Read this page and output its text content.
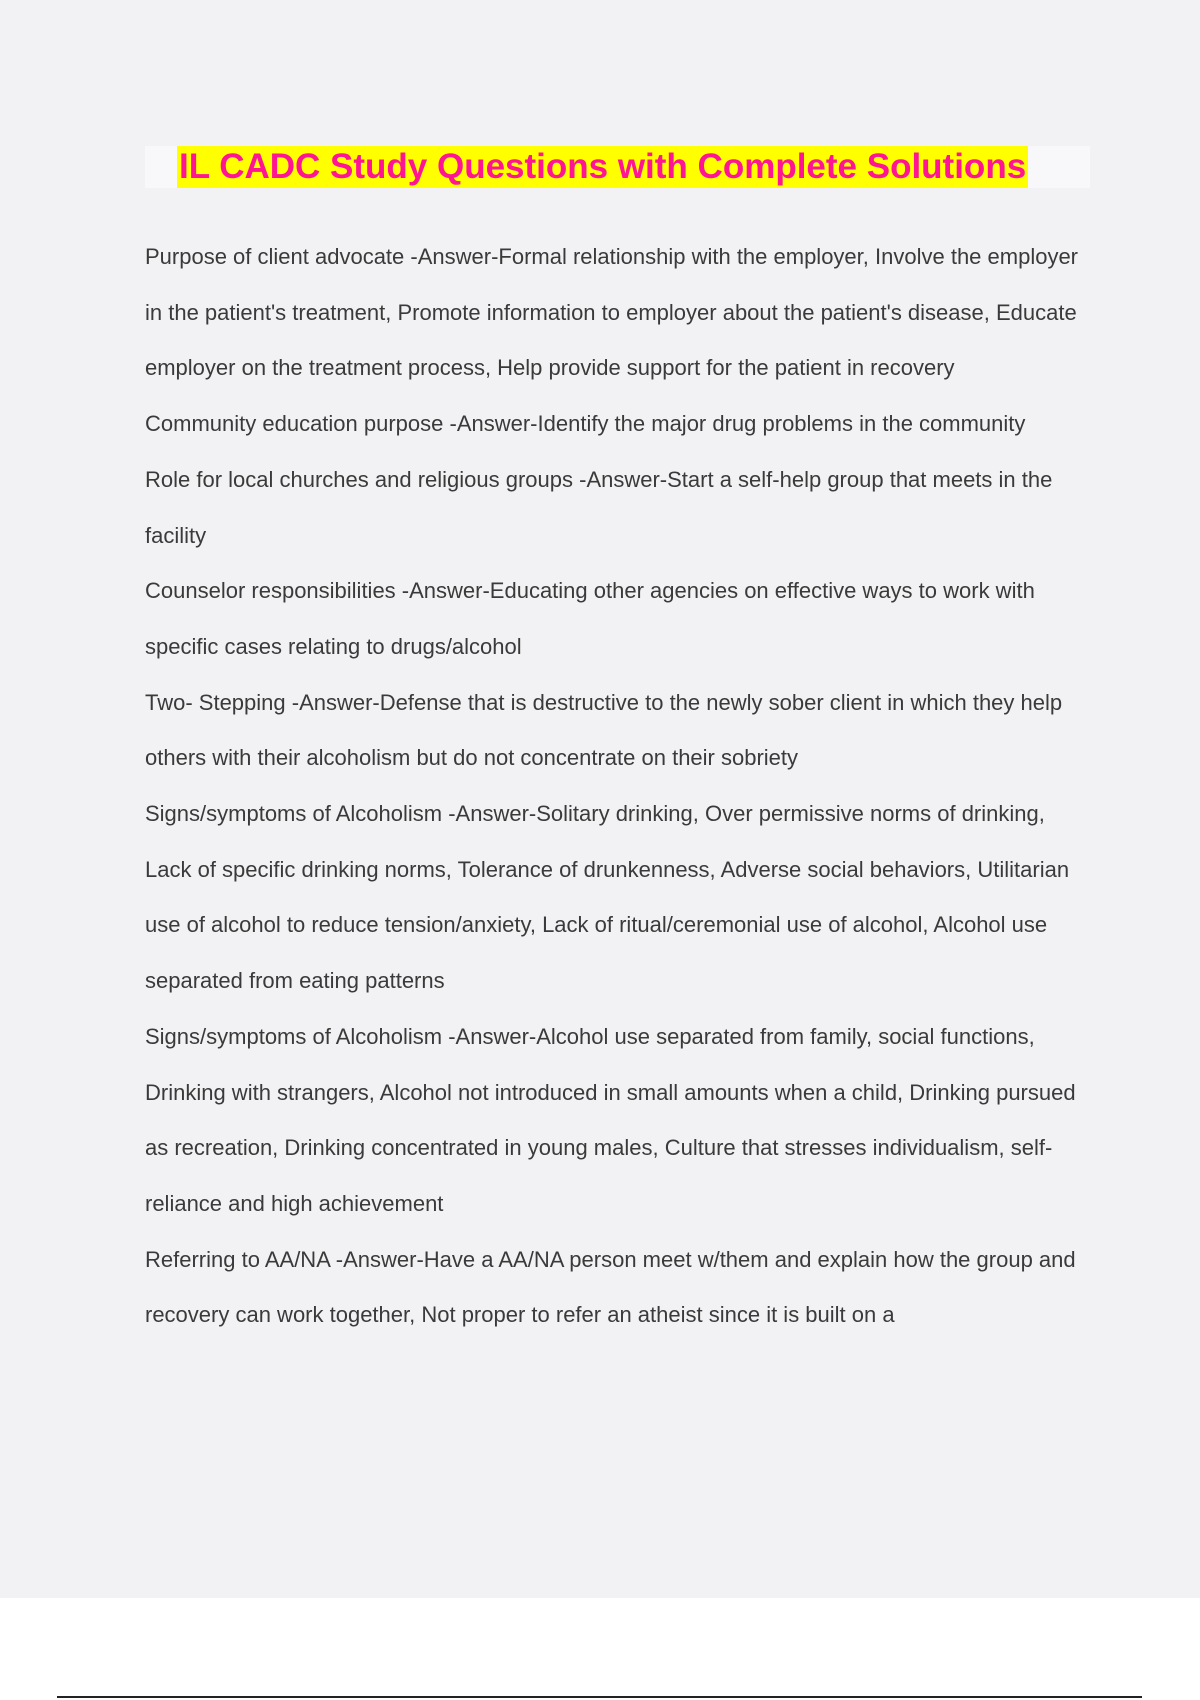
IL CADC Study Questions with Complete Solutions

Purpose of client advocate -Answer-Formal relationship with the employer, Involve the employer in the patient's treatment, Promote information to employer about the patient's disease, Educate employer on the treatment process, Help provide support for the patient in recovery

Community education purpose -Answer-Identify the major drug problems in the community

Role for local churches and religious groups -Answer-Start a self-help group that meets in the facility

Counselor responsibilities -Answer-Educating other agencies on effective ways to work with specific cases relating to drugs/alcohol

Two- Stepping -Answer-Defense that is destructive to the newly sober client in which they help others with their alcoholism but do not concentrate on their sobriety

Signs/symptoms of Alcoholism -Answer-Solitary drinking, Over permissive norms of drinking, Lack of specific drinking norms, Tolerance of drunkenness, Adverse social behaviors, Utilitarian use of alcohol to reduce tension/anxiety, Lack of ritual/ceremonial use of alcohol, Alcohol use separated from eating patterns

Signs/symptoms of Alcoholism -Answer-Alcohol use separated from family, social functions, Drinking with strangers, Alcohol not introduced in small amounts when a child, Drinking pursued as recreation, Drinking concentrated in young males, Culture that stresses individualism, self-reliance and high achievement

Referring to AA/NA -Answer-Have a AA/NA person meet w/them and explain how the group and recovery can work together, Not proper to refer an atheist since it is built on a
